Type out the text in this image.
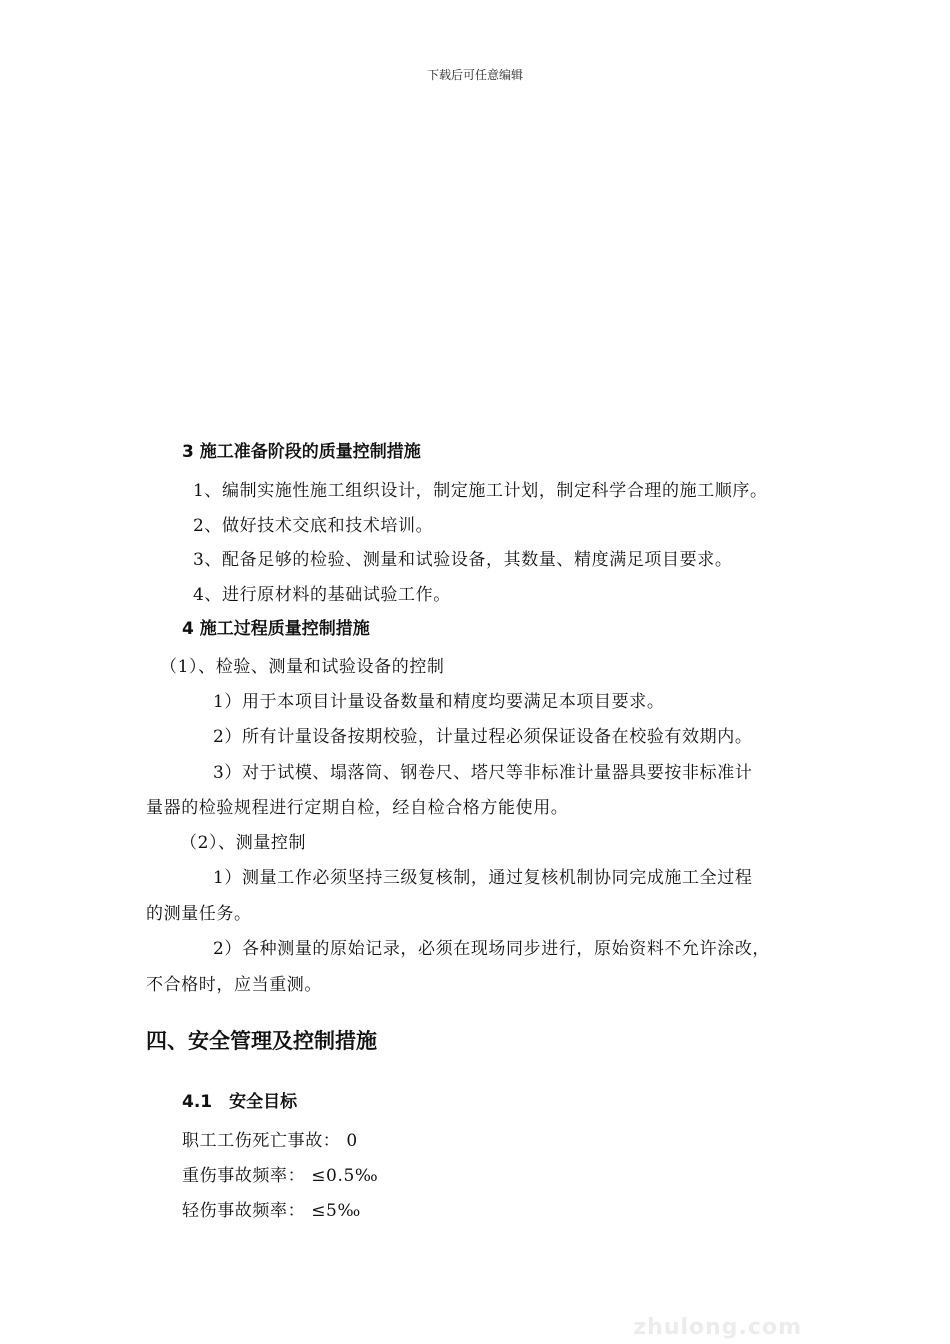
下载后可任意编辑
3 施工准备阶段的质量控制措施
1、编制实施性施工组织设计，制定施工计划，制定科学合理的施工顺序。
2、做好技术交底和技术培训。
3、配备足够的检验、测量和试验设备，其数量、精度满足项目要求。
4、进行原材料的基础试验工作。
4 施工过程质量控制措施
（1）、检验、测量和试验设备的控制
1）用于本项目计量设备数量和精度均要满足本项目要求。
2）所有计量设备按期校验，计量过程必须保证设备在校验有效期内。
3）对于试模、塌落筒、钢卷尺、塔尺等非标准计量器具要按非标准计
量器的检验规程进行定期自检，经自检合格方能使用。
（2）、测量控制
1）测量工作必须坚持三级复核制，通过复核机制协同完成施工全过程
的测量任务。
2）各种测量的原始记录，必须在现场同步进行，原始资料不允许涂改，
不合格时，应当重测。
四、安全管理及控制措施
4.1　安全目标
职工工伤死亡事故： 0
重伤事故频率： ≤0.5‰
轻伤事故频率： ≤5‰
zhulong.com
